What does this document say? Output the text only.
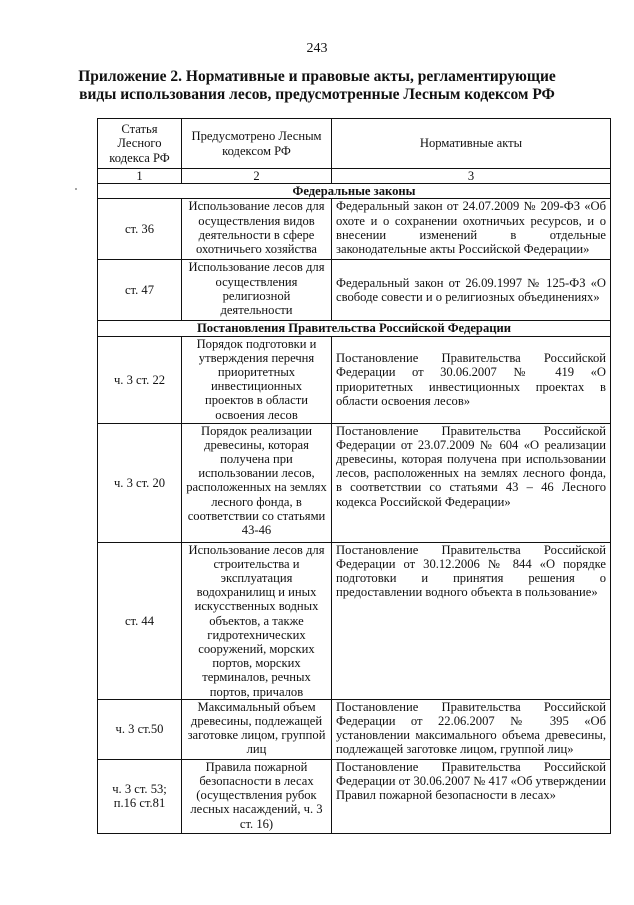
243
Приложение 2. Нормативные и правовые акты, регламентирующие виды использования лесов, предусмотренные Лесным кодексом РФ
Статья Лесного кодекса РФ	Предусмотрено Лесным кодексом РФ	Нормативные акты
1	2	3
Федеральные законы		
ст. 36	Использование лесов для осуществления видов деятельности в сфере охотничьего хозяйства	Федеральный закон от 24.07.2009 № 209-ФЗ «Об охоте и о сохранении охотничьих ресурсов, и о внесении изменений в отдельные законодательные акты Российской Федерации»
ст. 47	Использование лесов для осуществления религиозной деятельности	Федеральный закон от 26.09.1997 № 125-ФЗ «О свободе совести и о религиозных объединениях»
Постановления Правительства Российской Федерации		
ч. 3 ст. 22	Порядок подготовки и утверждения перечня приоритетных инвестиционных проектов в области освоения лесов	Постановление Правительства Российской Федерации от 30.06.2007 № 419 «О приоритетных инвестиционных проектах в области освоения лесов»
ч. 3 ст. 20	Порядок реализации древесины, которая получена при использовании лесов, расположенных на землях лесного фонда, в соответствии со статьями 43-46	Постановление Правительства Российской Федерации от 23.07.2009 № 604 «О реализации древесины, которая получена при использовании лесов, расположенных на землях лесного фонда, в соответствии со статьями 43 – 46 Лесного кодекса Российской Федерации»
ст. 44	Использование лесов для строительства и эксплуатация водохранилищ и иных искусственных водных объектов, а также гидротехнических сооружений, морских портов, морских терминалов, речных портов, причалов	Постановление Правительства Российской Федерации от 30.12.2006 № 844 «О порядке подготовки и принятия решения о предоставлении водного объекта в пользование»
ч. 3 ст.50	Максимальный объем древесины, подлежащей заготовке лицом, группой лиц	Постановление Правительства Российской Федерации от 22.06.2007 № 395 «Об установлении максимального объема древесины, подлежащей заготовке лицом, группой лиц»
ч. 3 ст. 53; п.16 ст.81	Правила пожарной безопасности в лесах (осуществления рубок лесных насаждений, ч. 3 ст. 16)	Постановление Правительства Российской Федерации от 30.06.2007 № 417 «Об утверждении Правил пожарной безопасности в лесах»
